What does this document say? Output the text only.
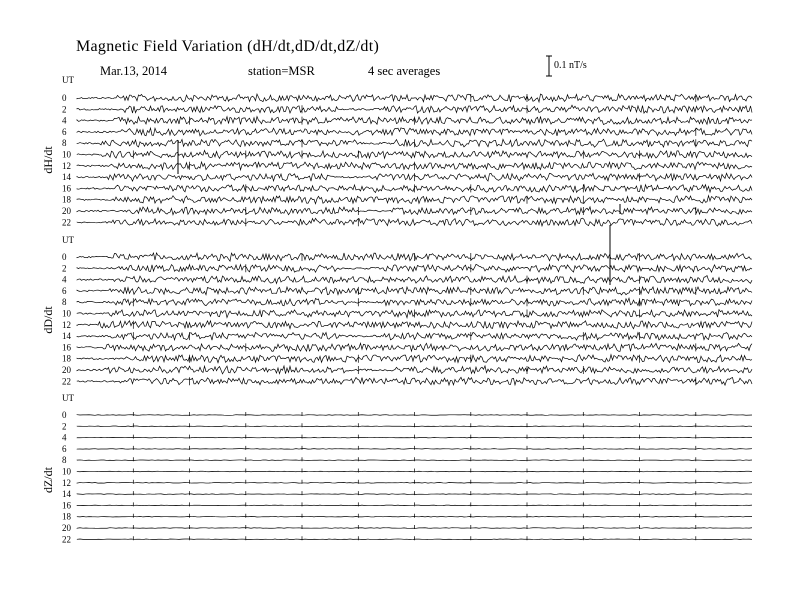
Magnetic Field Variation (dH/dt,dD/dt,dZ/dt)
Mar.13, 2014	station=MSR	4 sec averages	0.1 nT/s
UT
dH/dt
0
2
4
6
8
10
12
14
16
18
20
22
UT
dD/dt
0
2
4
6
8
10
12
14
16
18
20
22
UT
dZ/dt
0
2
4
6
8
10
12
14
16
18
20
22
